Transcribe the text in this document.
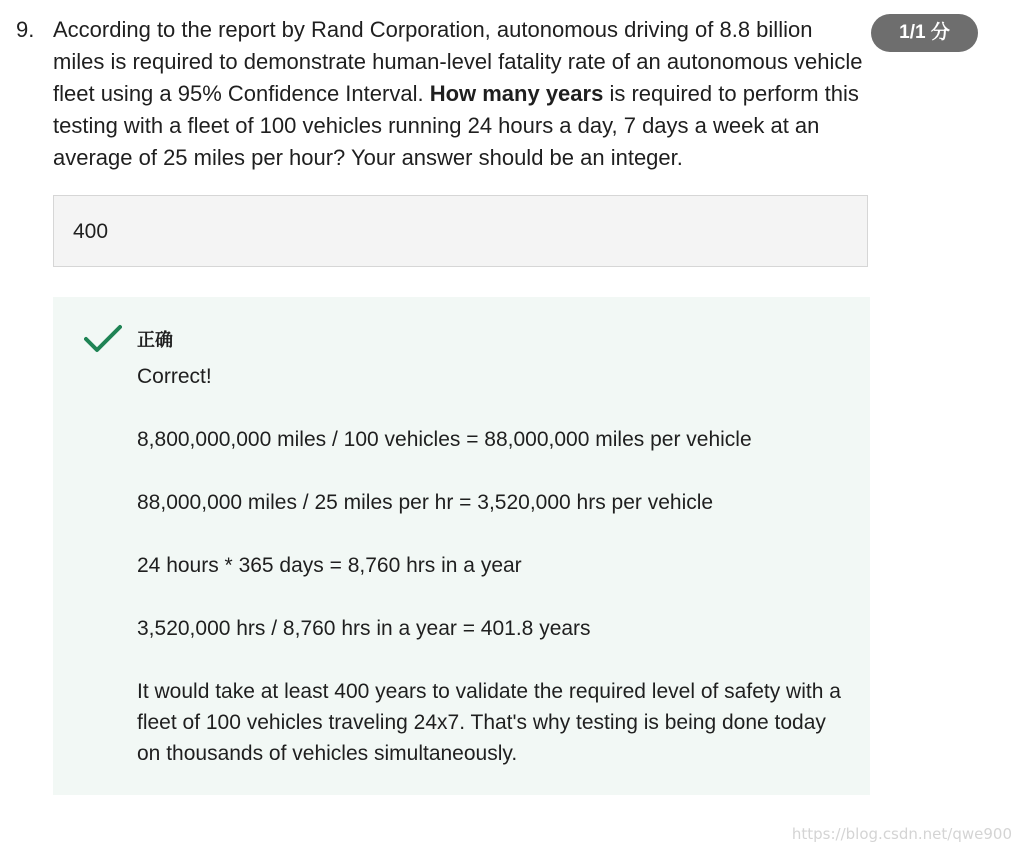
9. According to the report by Rand Corporation, autonomous driving of 8.8 billion miles is required to demonstrate human-level fatality rate of an autonomous vehicle fleet using a 95% Confidence Interval. How many years is required to perform this testing with a fleet of 100 vehicles running 24 hours a day, 7 days a week at an average of 25 miles per hour? Your answer should be an integer.
1/1 分
400
正确

Correct!

8,800,000,000 miles / 100 vehicles = 88,000,000 miles per vehicle

88,000,000 miles / 25 miles per hr = 3,520,000 hrs per vehicle

24 hours * 365 days = 8,760 hrs in a year

3,520,000 hrs / 8,760 hrs in a year = 401.8 years

It would take at least 400 years to validate the required level of safety with a fleet of 100 vehicles traveling 24x7. That's why testing is being done today on thousands of vehicles simultaneously.

https://blog.csdn.net/qwe900
